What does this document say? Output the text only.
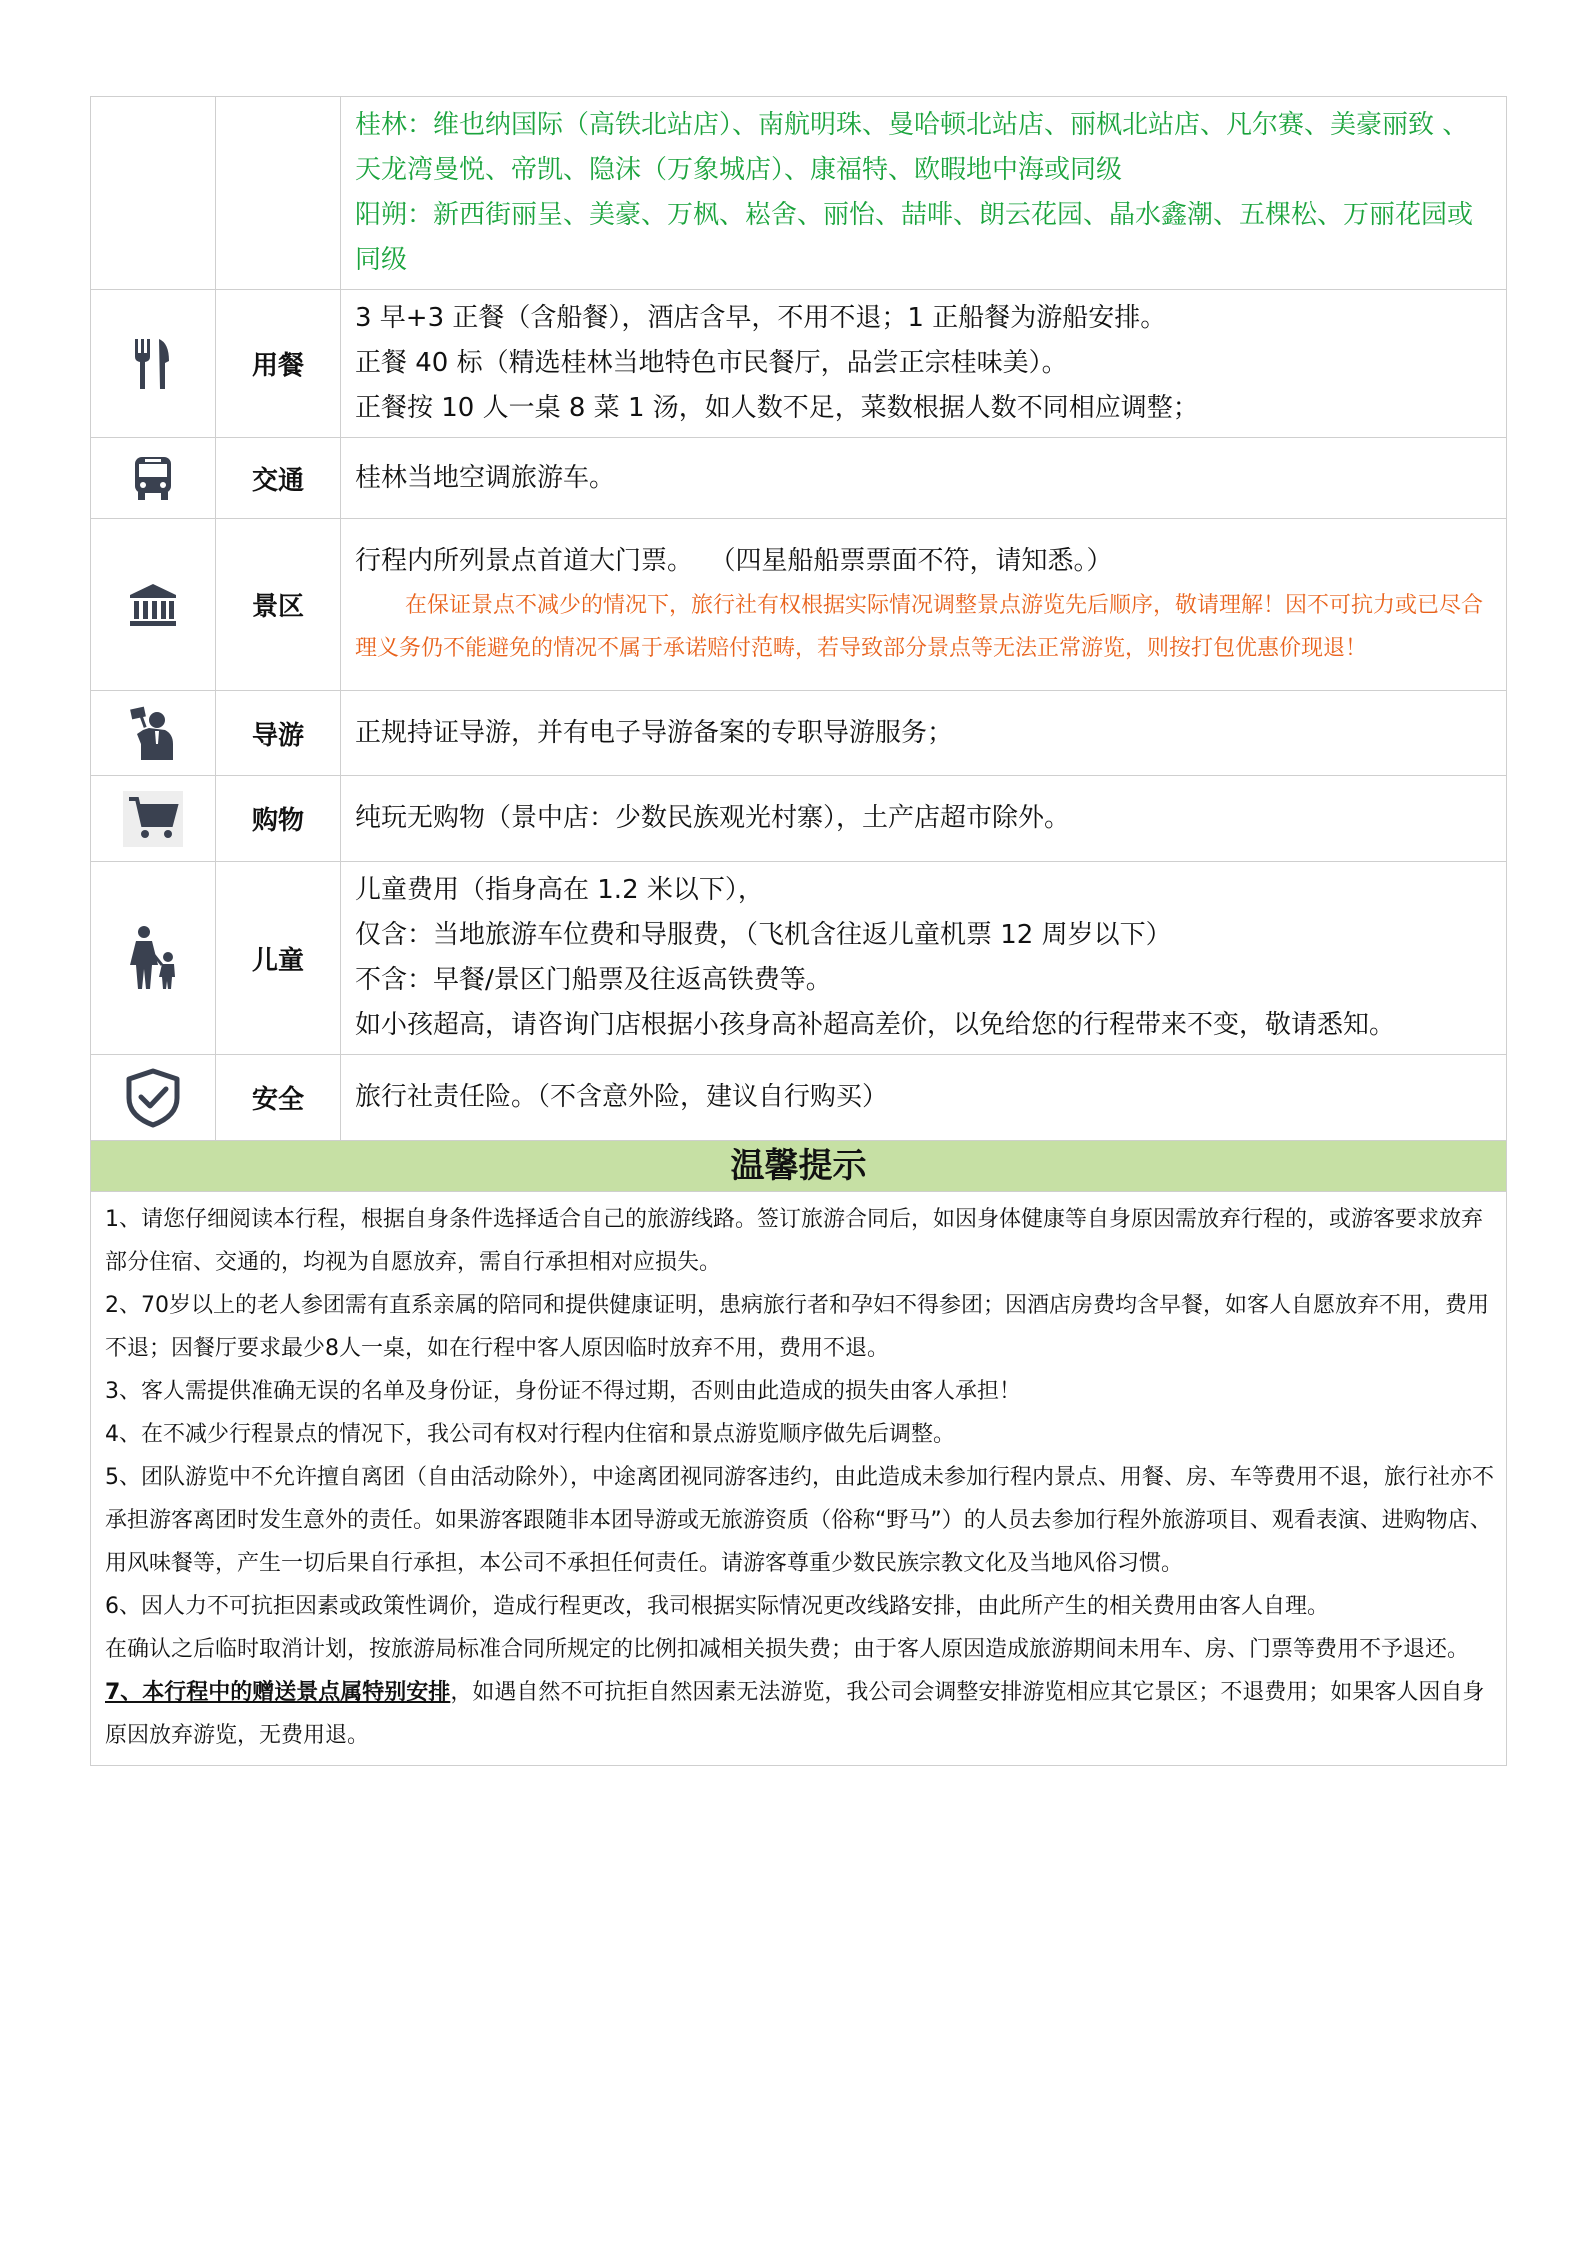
		桂林：维也纳国际（高铁北站店）、南航明珠、曼哈顿北站店、丽枫北站店、凡尔赛、美豪丽致 、天龙湾曼悦、帝凯、隐沫（万象城店）、康福特、欧暇地中海或同级
阳朔：新西街丽呈、美豪、万枫、崧舍、丽怡、喆啡、朗云花园、晶水鑫潮、五棵松、万丽花园或同级

	用餐	3 早+3 正餐（含船餐），酒店含早，不用不退；1 正船餐为游船安排。
正餐 40 标（精选桂林当地特色市民餐厅，品尝正宗桂味美）。
正餐按 10 人一桌 8 菜 1 汤，如人数不足，菜数根据人数不同相应调整；

	交通	桂林当地空调旅游车。

	景区	行程内所列景点首道大门票。  （四星船船票票面不符，请知悉。）
在保证景点不减少的情况下，旅行社有权根据实际情况调整景点游览先后顺序，敬请理解！因不可抗力或已尽合理义务仍不能避免的情况不属于承诺赔付范畴，若导致部分景点等无法正常游览，则按打包优惠价现退！

	导游	正规持证导游，并有电子导游备案的专职导游服务；

	购物	纯玩无购物（景中店：少数民族观光村寨），土产店超市除外。

	儿童	儿童费用（指身高在 1.2 米以下），
仅含：当地旅游车位费和导服费，（飞机含往返儿童机票 12 周岁以下）
不含：早餐/景区门船票及往返高铁费等。
如小孩超高，请咨询门店根据小孩身高补超高差价，以免给您的行程带来不变，敬请悉知。

	安全	旅行社责任险。（不含意外险，建议自行购买）
温馨提示

1、请您仔细阅读本行程，根据自身条件选择适合自己的旅游线路。签订旅游合同后，如因身体健康等自身原因需放弃行程的，或游客要求放弃部分住宿、交通的，均视为自愿放弃，需自行承担相对应损失。

2、70岁以上的老人参团需有直系亲属的陪同和提供健康证明，患病旅行者和孕妇不得参团；因酒店房费均含早餐，如客人自愿放弃不用，费用不退；因餐厅要求最少8人一桌，如在行程中客人原因临时放弃不用，费用不退。

3、客人需提供准确无误的名单及身份证，身份证不得过期，否则由此造成的损失由客人承担！

4、在不减少行程景点的情况下，我公司有权对行程内住宿和景点游览顺序做先后调整。

5、团队游览中不允许擅自离团（自由活动除外），中途离团视同游客违约，由此造成未参加行程内景点、用餐、房、车等费用不退，旅行社亦不承担游客离团时发生意外的责任。如果游客跟随非本团导游或无旅游资质（俗称“野马”）的人员去参加行程外旅游项目、观看表演、进购物店、用风味餐等，产生一切后果自行承担，本公司不承担任何责任。请游客尊重少数民族宗教文化及当地风俗习惯。

6、因人力不可抗拒因素或政策性调价，造成行程更改，我司根据实际情况更改线路安排，由此所产生的相关费用由客人自理。

在确认之后临时取消计划，按旅游局标准合同所规定的比例扣减相关损失费；由于客人原因造成旅游期间未用车、房、门票等费用不予退还。

7、本行程中的赠送景点属特别安排，如遇自然不可抗拒自然因素无法游览，我公司会调整安排游览相应其它景区；不退费用；如果客人因自身原因放弃游览，无费用退。
